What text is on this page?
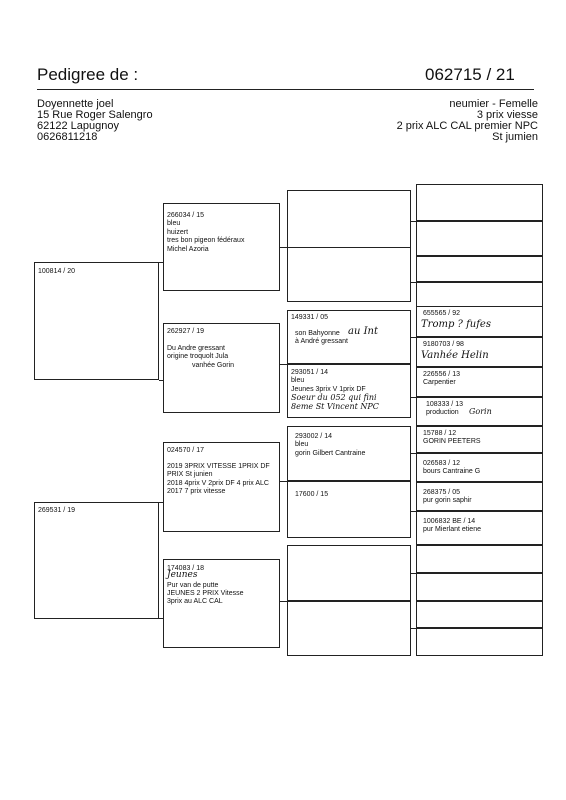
Pedigree de :	062715 / 21
Doyennette joel
15 Rue Roger Salengro
62122 Lapugnoy
0626811218
neumier - Femelle
3 prix viesse
2 prix ALC CAL premier NPC
St jumien
100814 / 20
269531 / 19
266034 / 15
bleu
huizert
tres bon pigeon fédéraux
Michel Azoria
262927 / 19
Du Andre gressant
origine troquolt Jula
vanhée Gorin
024570 / 17
2019 3PRIX VITESSE 1PRIX DF
PRIX St junien
2018 4prix V 2prix DF 4 prix ALC
2017 7 prix vitesse
174083 / 18
Jeunes
Pur van de putte
JEUNES 2 PRIX Vitesse
3prix au ALC CAL
149331 / 05
son Bahyonne au Int
à André gressant
293051 / 14
bleu
Jeunes 3prix V 1prix DF
Soeur du 052 qui fini
8eme St Vincent NPC
293002 / 14
bleu
gorin Gilbert Cantraine
17600 / 15
655565 / 92
Tromp ? fufes
9180703 / 98
Vanhée Helin
226556 / 13
Carpentier
108333 / 13
production Gorin
15788 / 12
GORIN PEETERS
026583 / 12
bours Cantraine G
268375 / 05
pur gorin saphir
1006832 BE / 14
pur Mierlant etiene
